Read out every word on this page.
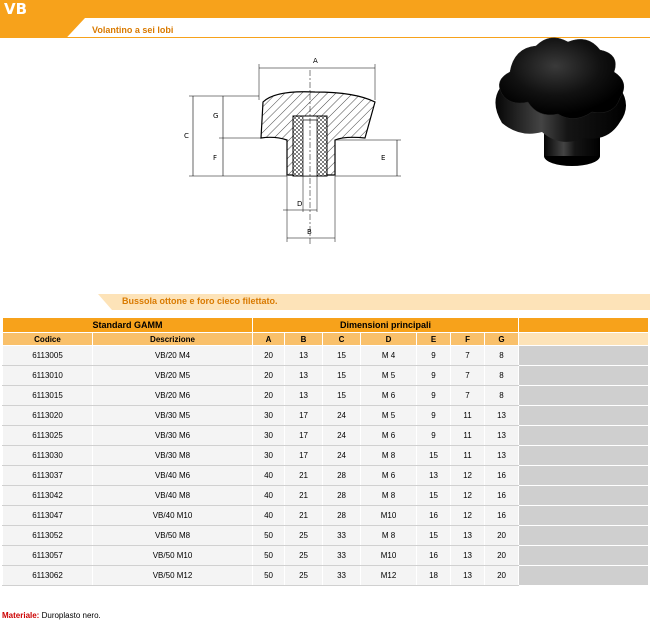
VB
Volantino a sei lobi
A
C
G
F	E
D
B
Bussola ottone e foro cieco filettato.
Standard GAMM		Dimensioni principali							
Codice	Descrizione	A	B	C	D	E	F	G	
6113005	VB/20 M4	20	13	15	M 4	9	7	8	
6113010	VB/20 M5	20	13	15	M 5	9	7	8	
6113015	VB/20 M6	20	13	15	M 6	9	7	8	
6113020	VB/30 M5	30	17	24	M 5	9	11	13	
6113025	VB/30 M6	30	17	24	M 6	9	11	13	
6113030	VB/30 M8	30	17	24	M 8	15	11	13	
6113037	VB/40 M6	40	21	28	M 6	13	12	16	
6113042	VB/40 M8	40	21	28	M 8	15	12	16	
6113047	VB/40 M10	40	21	28	M10	16	12	16	
6113052	VB/50 M8	50	25	33	M 8	15	13	20	
6113057	VB/50 M10	50	25	33	M10	16	13	20	
6113062	VB/50 M12	50	25	33	M12	18	13	20	
Materiale: Duroplasto nero.
